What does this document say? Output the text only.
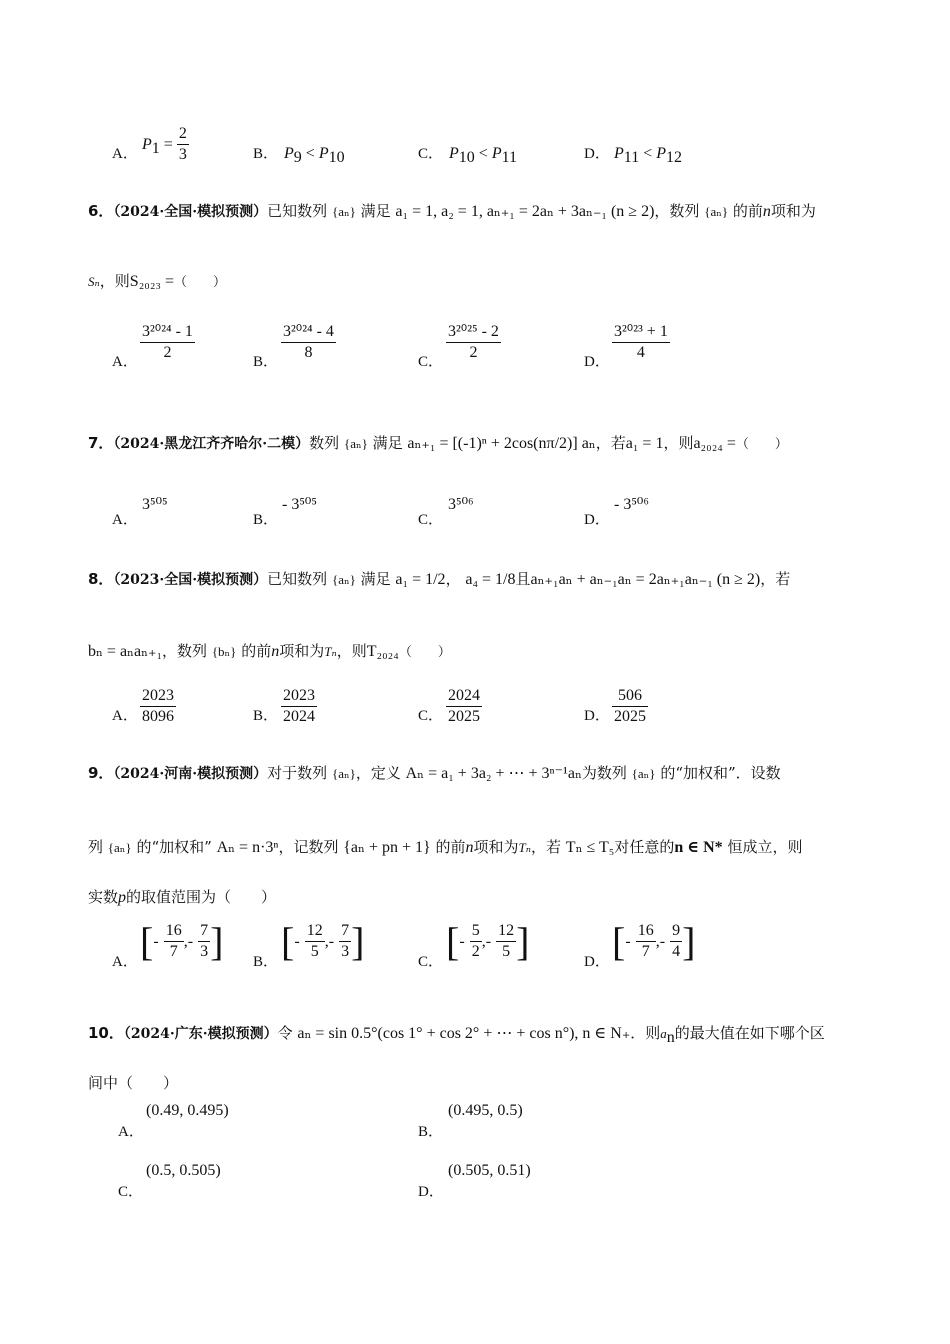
A．
$P_1 = \frac{2}{3}$	B． $P_9 < P_{10}$	C． $P_{10} < P_{11}$	D． $P_{11} < P_{12}$
6．（2024·全国·模拟预测）已知数列 {aₙ} 满足 a₁ = 1, a₂ = 1, aₙ₊₁ = 2aₙ + 3aₙ₋₁ (n ≥ 2)，数列 {aₙ} 的前n项和为
Sₙ，则S₂₀₂₃ =（　　）
A． $\frac{\text{3²⁰²⁴ - 1}}{2}$	B． $\frac{\text{3²⁰²⁴ - 4}}{8}$	C． $\frac{\text{3²⁰²⁵ - 2}}{2}$	D． $\frac{\text{3²⁰²³ + 1}}{4}$
7．（2024·黑龙江齐齐哈尔·二模）数列 {aₙ} 满足 aₙ₊₁ = [(-1)ⁿ + 2cos(nπ/2)] aₙ，若a₁ = 1，则a₂₀₂₄ =（　　）
A．
3⁵⁰⁵
B．
- 3⁵⁰⁵
C．
3⁵⁰⁶
D．
- 3⁵⁰⁶
8．（2023·全国·模拟预测）已知数列 {aₙ} 满足 a₁ = 1/2， a₄ = 1/8且aₙ₊₁aₙ + aₙ₋₁aₙ = 2aₙ₊₁aₙ₋₁ (n ≥ 2)，若
bₙ = aₙaₙ₊₁，数列 {bₙ} 的前n项和为Tₙ，则T₂₀₂₄（　　）
A． $\frac{2023}{8096}$	B． $\frac{2023}{2024}$	C． $\frac{2024}{2025}$	D． $\frac{506}{2025}$
9．（2024·河南·模拟预测）对于数列 {aₙ}，定义 Aₙ = a₁ + 3a₂ + ⋯ + 3ⁿ⁻¹aₙ为数列 {aₙ} 的“加权和”．设数
列 {aₙ} 的“加权和” Aₙ = n·3ⁿ，记数列 {aₙ + pn + 1} 的前n项和为Tₙ，若 Tₙ ≤ T₅对任意的n ∈ N* 恒成立，则
实数p的取值范围为（　　）
A． [- $\frac{16}{7}$ ,- $\frac{7}{3}$ ] B． [- $\frac{12}{5}$ ,- $\frac{7}{3}$ ]	C． [- $\frac{5}{2}$ ,- $\frac{12}{5}$ ]	D． [- $\frac{16}{7}$ ,- $\frac{9}{4}$ ]
10．（2024·广东·模拟预测）令 aₙ = sin 0.5°(cos 1° + cos 2° + ⋯ + cos n°), n ∈ N₊．则$a_n$的最大值在如下哪个区
间中（　　）
A．
(0.49, 0.495)
B．
(0.495, 0.5)
C．
(0.5, 0.505)
D．
(0.505, 0.51)
